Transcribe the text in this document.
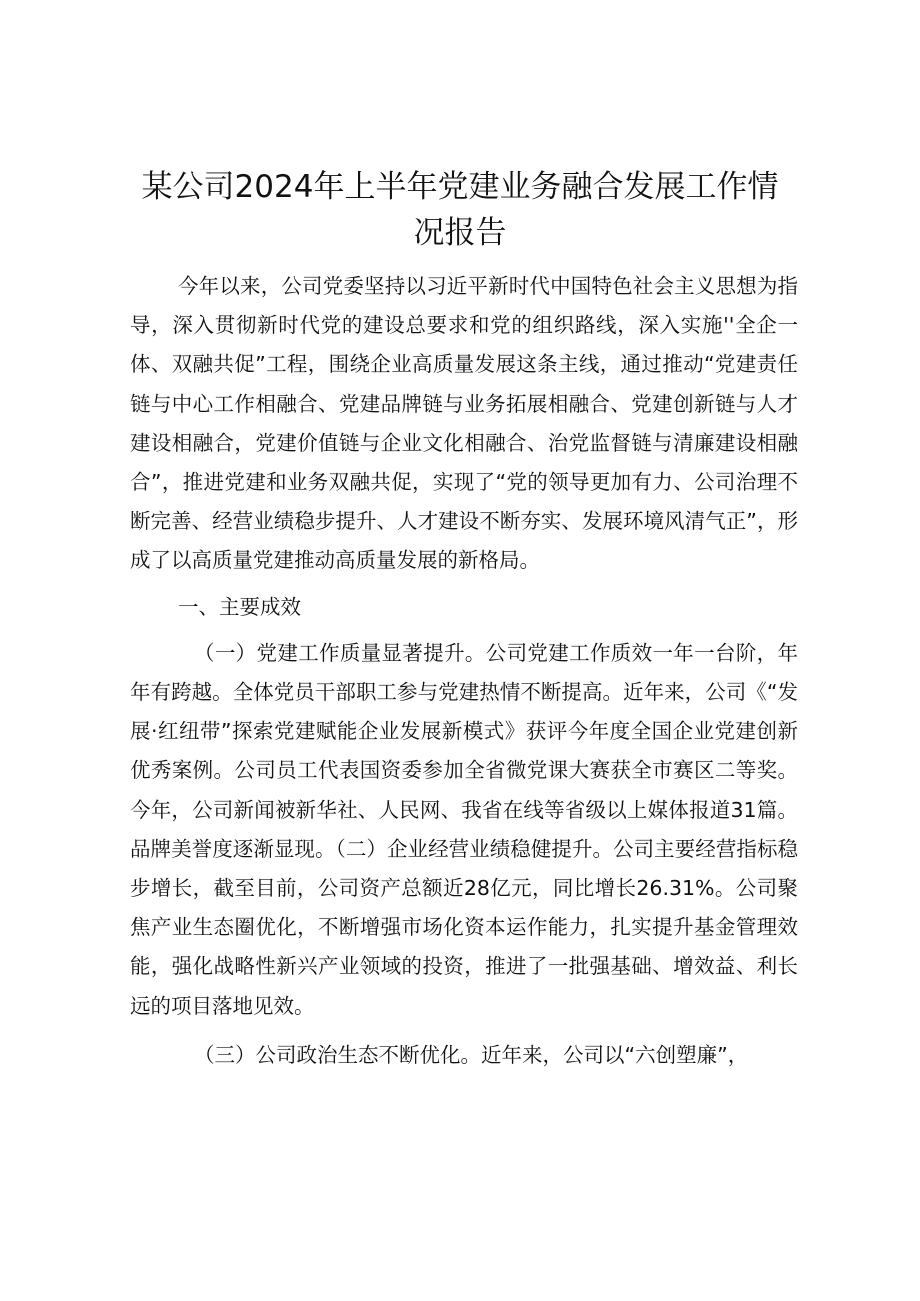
某公司2024年上半年党建业务融合发展工作情
况报告

今年以来，公司党委坚持以习近平新时代中国特色社会主义思想为指导，深入贯彻新时代党的建设总要求和党的组织路线，深入实施''全企一体、双融共促”工程，围绕企业高质量发展这条主线，通过推动“党建责任链与中心工作相融合、党建品牌链与业务拓展相融合、党建创新链与人才建设相融合，党建价值链与企业文化相融合、治党监督链与清廉建设相融合”，推进党建和业务双融共促，实现了“党的领导更加有力、公司治理不断完善、经营业绩稳步提升、人才建设不断夯实、发展环境风清气正”，形成了以高质量党建推动高质量发展的新格局。

一、主要成效

（一）党建工作质量显著提升。公司党建工作质效一年一台阶，年年有跨越。全体党员干部职工参与党建热情不断提高。近年来，公司《“发展·红纽带”探索党建赋能企业发展新模式》获评今年度全国企业党建创新优秀案例。公司员工代表国资委参加全省微党课大赛获全市赛区二等奖。今年，公司新闻被新华社、人民网、我省在线等省级以上媒体报道31篇。品牌美誉度逐渐显现。（二）企业经营业绩稳健提升。公司主要经营指标稳步增长，截至目前，公司资产总额近28亿元，同比增长26.31%。公司聚焦产业生态圈优化，不断增强市场化资本运作能力，扎实提升基金管理效能，强化战略性新兴产业领域的投资，推进了一批强基础、增效益、利长远的项目落地见效。

（三）公司政治生态不断优化。近年来，公司以“六创塑廉”，
